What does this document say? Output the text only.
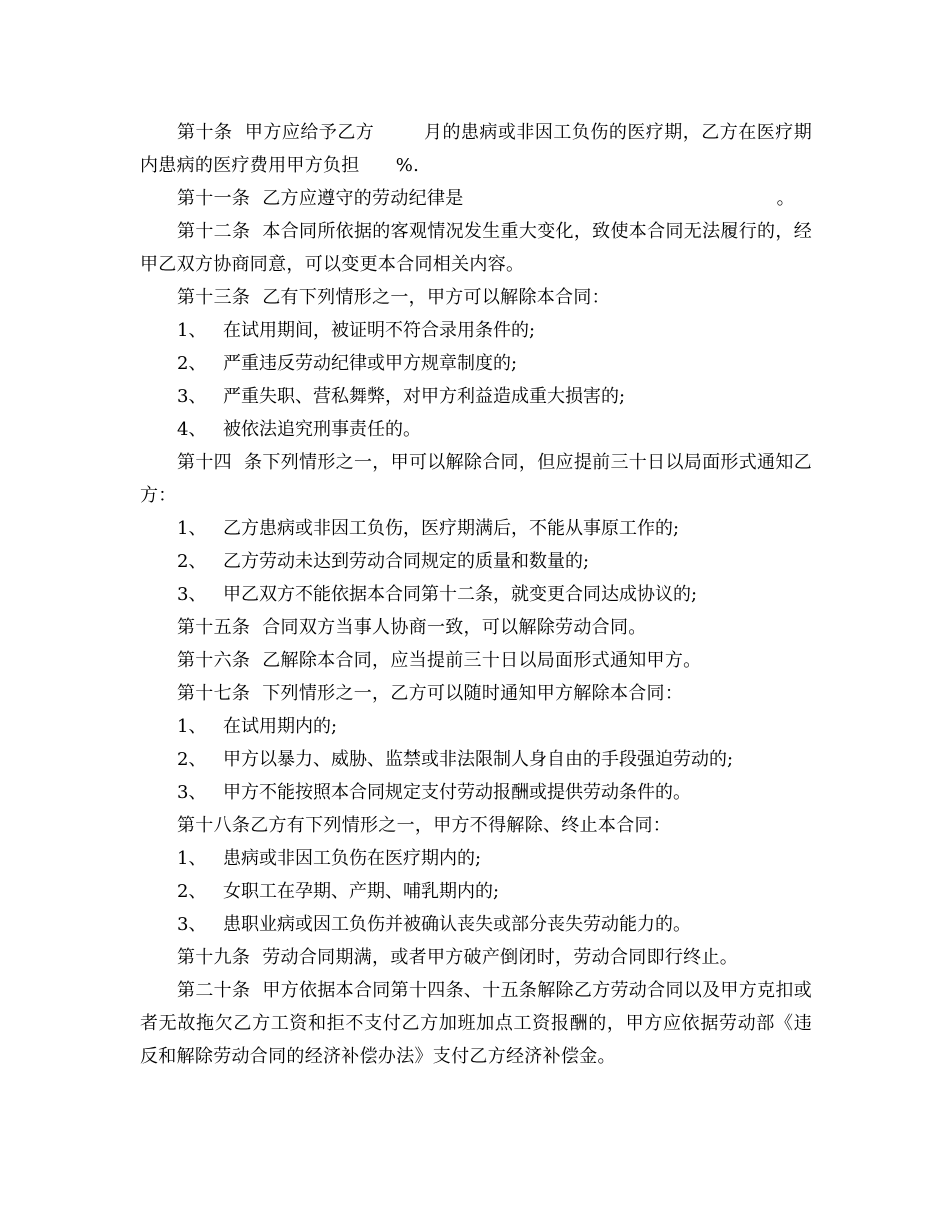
第十条  甲方应给予乙方        月的患病或非因工负伤的医疗期，乙方在医疗期内患病的医疗费用甲方负担      %.

第十一条  乙方应遵守的劳动纪律是                                                    。

第十二条  本合同所依据的客观情况发生重大变化，致使本合同无法履行的，经甲乙双方协商同意，可以变更本合同相关内容。

第十三条  乙有下列情形之一，甲方可以解除本合同：

1、 在试用期间，被证明不符合录用条件的;
2、 严重违反劳动纪律或甲方规章制度的;
3、 严重失职、营私舞弊，对甲方利益造成重大损害的;
4、 被依法追究刑事责任的。

第十四  条下列情形之一，甲可以解除合同，但应提前三十日以局面形式通知乙方：

1、 乙方患病或非因工负伤，医疗期满后，不能从事原工作的;
2、 乙方劳动未达到劳动合同规定的质量和数量的;
3、 甲乙双方不能依据本合同第十二条，就变更合同达成协议的;

第十五条  合同双方当事人协商一致，可以解除劳动合同。

第十六条  乙解除本合同，应当提前三十日以局面形式通知甲方。

第十七条  下列情形之一，乙方可以随时通知甲方解除本合同：

1、 在试用期内的;
2、 甲方以暴力、威胁、监禁或非法限制人身自由的手段强迫劳动的;
3、 甲方不能按照本合同规定支付劳动报酬或提供劳动条件的。

第十八条乙方有下列情形之一，甲方不得解除、终止本合同：

1、 患病或非因工负伤在医疗期内的;
2、 女职工在孕期、产期、哺乳期内的;
3、 患职业病或因工负伤并被确认丧失或部分丧失劳动能力的。

第十九条  劳动合同期满，或者甲方破产倒闭时，劳动合同即行终止。

第二十条  甲方依据本合同第十四条、十五条解除乙方劳动合同以及甲方克扣或者无故拖欠乙方工资和拒不支付乙方加班加点工资报酬的，甲方应依据劳动部《违反和解除劳动合同的经济补偿办法》支付乙方经济补偿金。
